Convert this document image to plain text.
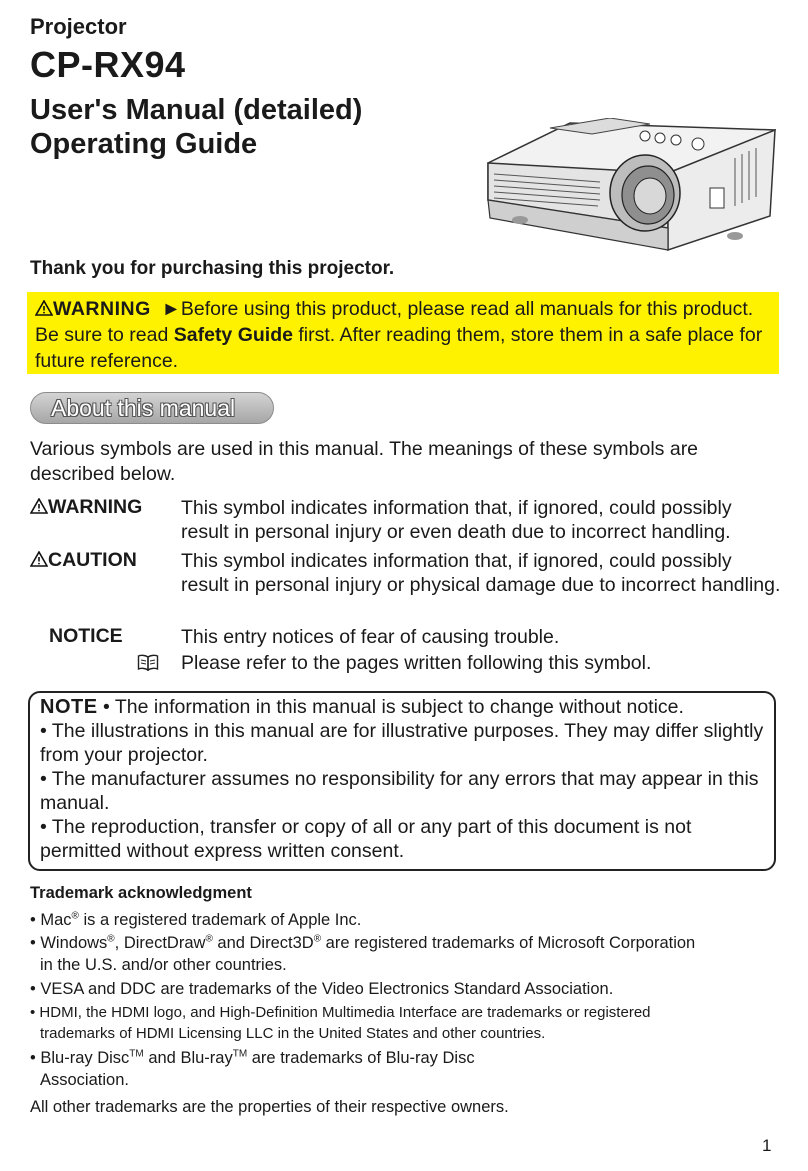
Projector
CP-RX94
User's Manual (detailed)
Operating Guide
Thank you for purchasing this projector.
WARNING ►Before using this product, please read all manuals for this product. Be sure to read Safety Guide first. After reading them, store them in a safe place for future reference.
About this manual
Various symbols are used in this manual. The meanings of these symbols are described below.
WARNING This symbol indicates information that, if ignored, could possibly result in personal injury or even death due to incorrect handling.
CAUTION This symbol indicates information that, if ignored, could possibly result in personal injury or physical damage due to incorrect handling.
NOTICE	This entry notices of fear of causing trouble.
Please refer to the pages written following this symbol.
NOTE • The information in this manual is subject to change without notice.
• The illustrations in this manual are for illustrative purposes. They may differ slightly from your projector.
• The manufacturer assumes no responsibility for any errors that may appear in this manual.
• The reproduction, transfer or copy of all or any part of this document is not permitted without express written consent.
Trademark acknowledgment
• Mac® is a registered trademark of Apple Inc.
• Windows®, DirectDraw® and Direct3D® are registered trademarks of Microsoft Corporation
in the U.S. and/or other countries.
• VESA and DDC are trademarks of the Video Electronics Standard Association.
• HDMI, the HDMI logo, and High-Definition Multimedia Interface are trademarks or registered
trademarks of HDMI Licensing LLC in the United States and other countries.
• Blu-ray Disc™ and Blu-ray™ are trademarks of Blu-ray Disc
Association.
All other trademarks are the properties of their respective owners.
1
